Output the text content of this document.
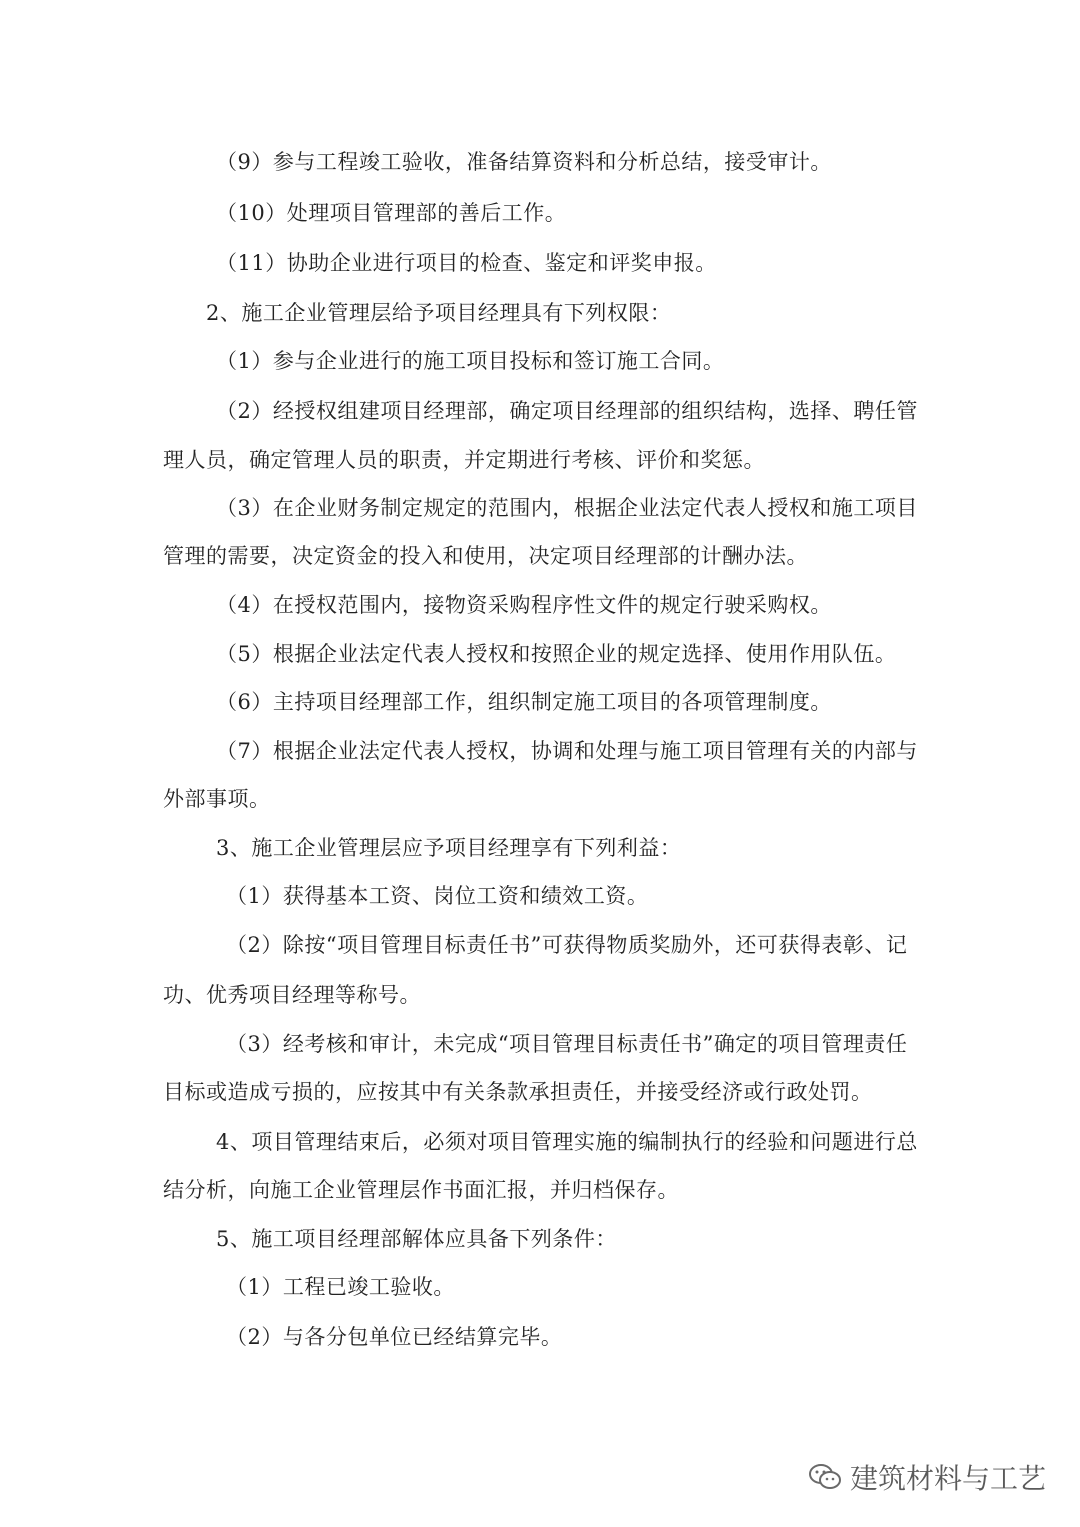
（9）参与工程竣工验收，准备结算资料和分析总结，接受审计。
（10）处理项目管理部的善后工作。
（11）协助企业进行项目的检查、鉴定和评奖申报。
2、施工企业管理层给予项目经理具有下列权限：
（1）参与企业进行的施工项目投标和签订施工合同。
（2）经授权组建项目经理部，确定项目经理部的组织结构，选择、聘任管
理人员，确定管理人员的职责，并定期进行考核、评价和奖惩。
（3）在企业财务制定规定的范围内，根据企业法定代表人授权和施工项目
管理的需要，决定资金的投入和使用，决定项目经理部的计酬办法。
（4）在授权范围内，接物资采购程序性文件的规定行驶采购权。
（5）根据企业法定代表人授权和按照企业的规定选择、使用作用队伍。
（6）主持项目经理部工作，组织制定施工项目的各项管理制度。
（7）根据企业法定代表人授权，协调和处理与施工项目管理有关的内部与
外部事项。
3、施工企业管理层应予项目经理享有下列利益：
（1）获得基本工资、岗位工资和绩效工资。
（2）除按“项目管理目标责任书”可获得物质奖励外，还可获得表彰、记
功、优秀项目经理等称号。
（3）经考核和审计，未完成“项目管理目标责任书”确定的项目管理责任
目标或造成亏损的，应按其中有关条款承担责任，并接受经济或行政处罚。
4、项目管理结束后，必须对项目管理实施的编制执行的经验和问题进行总
结分析，向施工企业管理层作书面汇报，并归档保存。
5、施工项目经理部解体应具备下列条件：
（1）工程已竣工验收。
（2）与各分包单位已经结算完毕。
建筑材料与工艺
